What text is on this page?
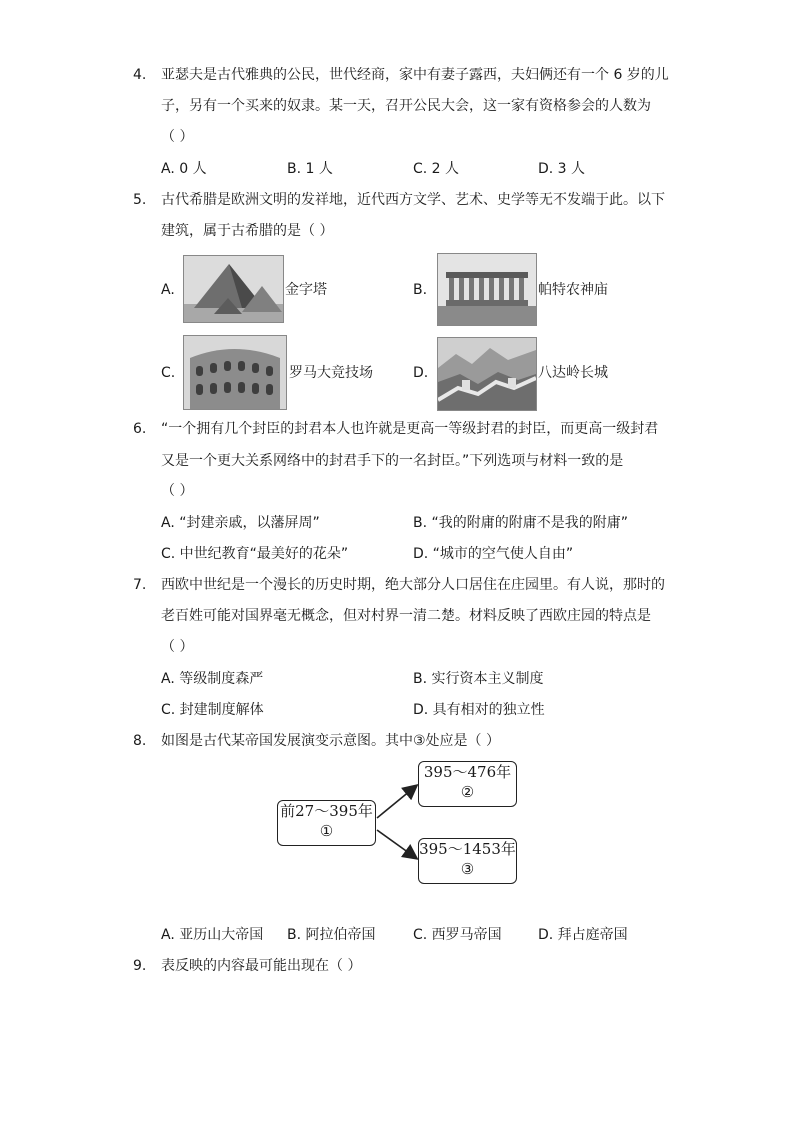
4. 亚瑟夫是古代雅典的公民，世代经商，家中有妻子露西，夫妇俩还有一个 6 岁的儿
子，另有一个买来的奴隶。某一天，召开公民大会，这一家有资格参会的人数为
（ ）
A. 0 人	B. 1 人	C. 2 人	D. 3 人
5. 古代希腊是欧洲文明的发祥地，近代西方文学、艺术、史学等无不发端于此。以下
建筑，属于古希腊的是（ ）
A.	金字塔	B.	帕特农神庙
C.	罗马大竞技场	D.	八达岭长城
6. “一个拥有几个封臣的封君本人也许就是更高一等级封君的封臣，而更高一级封君
又是一个更大关系网络中的封君手下的一名封臣。”下列选项与材料一致的是
（ ）
A. “封建亲戚，以藩屏周”	B. “我的附庸的附庸不是我的附庸”
C. 中世纪教育“最美好的花朵”	D. “城市的空气使人自由”
7. 西欧中世纪是一个漫长的历史时期，绝大部分人口居住在庄园里。有人说，那时的
老百姓可能对国界毫无概念，但对村界一清二楚。材料反映了西欧庄园的特点是
（ ）
A. 等级制度森严	B. 实行资本主义制度
C. 封建制度解体	D. 具有相对的独立性
8. 如图是古代某帝国发展演变示意图。其中③处应是（ ）
前27～395年
①
395～476年
②
395～1453年
③
A. 亚历山大帝国 B. 阿拉伯帝国	C. 西罗马帝国	D. 拜占庭帝国
9. 表反映的内容最可能出现在（ ）
